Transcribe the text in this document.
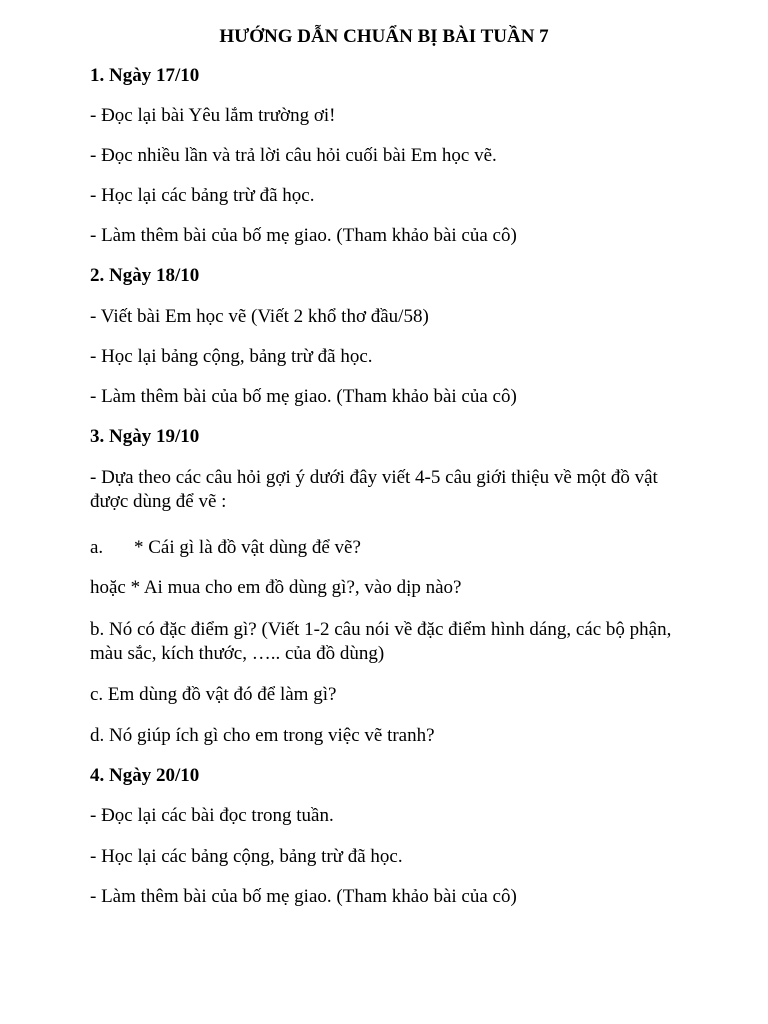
HƯỚNG DẪN CHUẨN BỊ BÀI TUẦN 7
1. Ngày 17/10
- Đọc lại bài Yêu lắm trường ơi!
- Đọc nhiều lần và trả lời câu hỏi cuối bài Em học vẽ.
- Học lại các bảng trừ đã học.
- Làm thêm bài của bố mẹ giao. (Tham khảo bài của cô)
2. Ngày 18/10
- Viết bài Em học vẽ (Viết 2 khổ thơ đầu/58)
- Học lại bảng cộng, bảng trừ đã học.
- Làm thêm bài của bố mẹ giao. (Tham khảo bài của cô)
3. Ngày 19/10
- Dựa theo các câu hỏi gợi ý dưới đây viết 4-5 câu giới thiệu về một đồ vật được dùng để vẽ :
a. * Cái gì là đồ vật dùng để vẽ?
hoặc * Ai mua cho em đồ dùng gì?, vào dịp nào?
b. Nó có đặc điểm gì? (Viết 1-2 câu nói về đặc điểm hình dáng, các bộ phận, màu sắc, kích thước, ….. của đồ dùng)
c. Em dùng đồ vật đó để làm gì?
d. Nó giúp ích gì cho em trong việc vẽ tranh?
4. Ngày 20/10
- Đọc lại các bài đọc trong tuần.
- Học lại các bảng cộng, bảng trừ đã học.
- Làm thêm bài của bố mẹ giao. (Tham khảo bài của cô)
